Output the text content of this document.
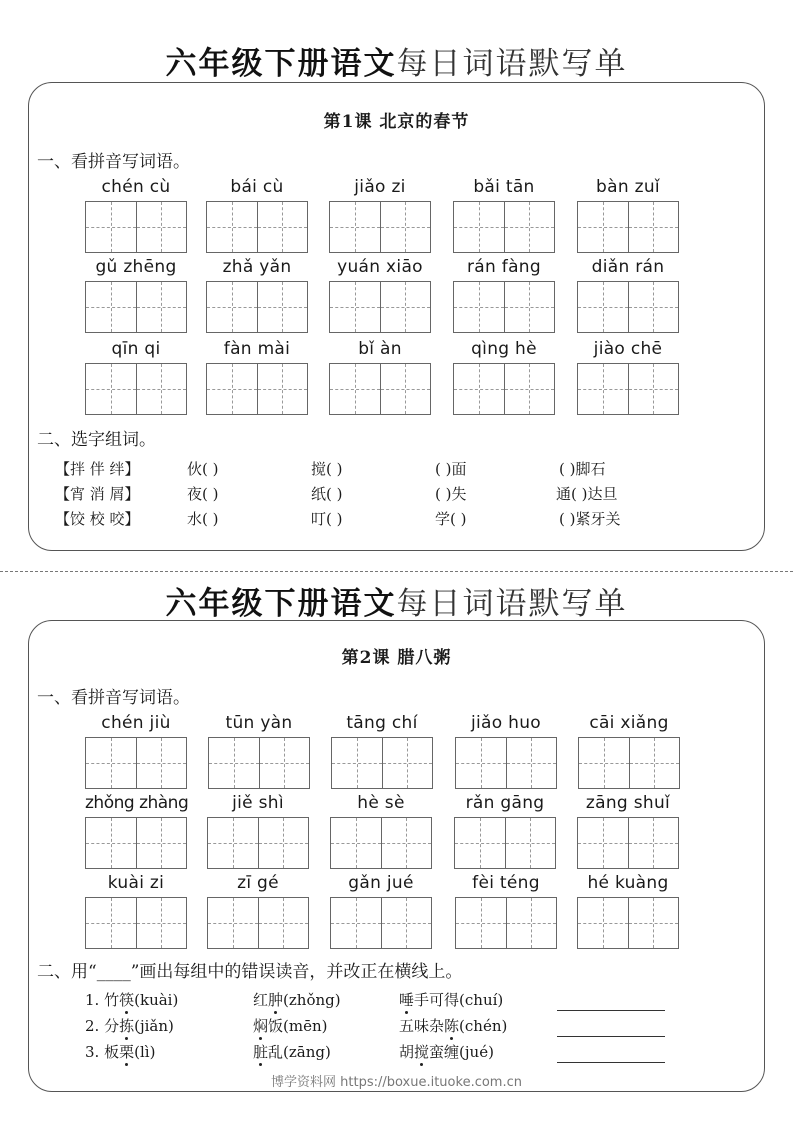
六年级下册语文每日词语默写单
第1课 北京的春节
一、看拼音写词语。
chén cù	bái cù	jiǎo zi	bǎi tān	bàn zuǐ
gǔ zhēng	zhǎ yǎn	yuán xiāo	rán fàng	diǎn rán
qīn qi	fàn mài	bǐ àn	qìng hè	jiào chē
二、选字组词。
【拌 伴 绊】	伙( )	搅( )	( )面	( )脚石
【宵 消 屑】	夜( )	纸( )	( )失	通( )达旦
【饺 校 咬】	水( )	叮( )	学( )	( )紧牙关
六年级下册语文每日词语默写单
第2课 腊八粥
一、看拼音写词语。
chén jiù	tūn yàn	tāng chí	jiǎo huo	cāi xiǎng
zhǒng zhàng	jiě shì	hè sè	rǎn gāng	zāng shuǐ
kuài zi	zī gé	gǎn jué	fèi téng	hé kuàng
二、用“____”画出每组中的错误读音，并改正在横线上。
1. 竹筷(kuài)	红肿(zhǒng)	唾手可得(chuí)
2. 分拣(jiǎn)	焖饭(mēn)	五味杂陈(chén)
3. 板栗(lì)	脏乱(zāng)	胡搅蛮缠(jué)
博学资料网 https://boxue.ituoke.com.cn
